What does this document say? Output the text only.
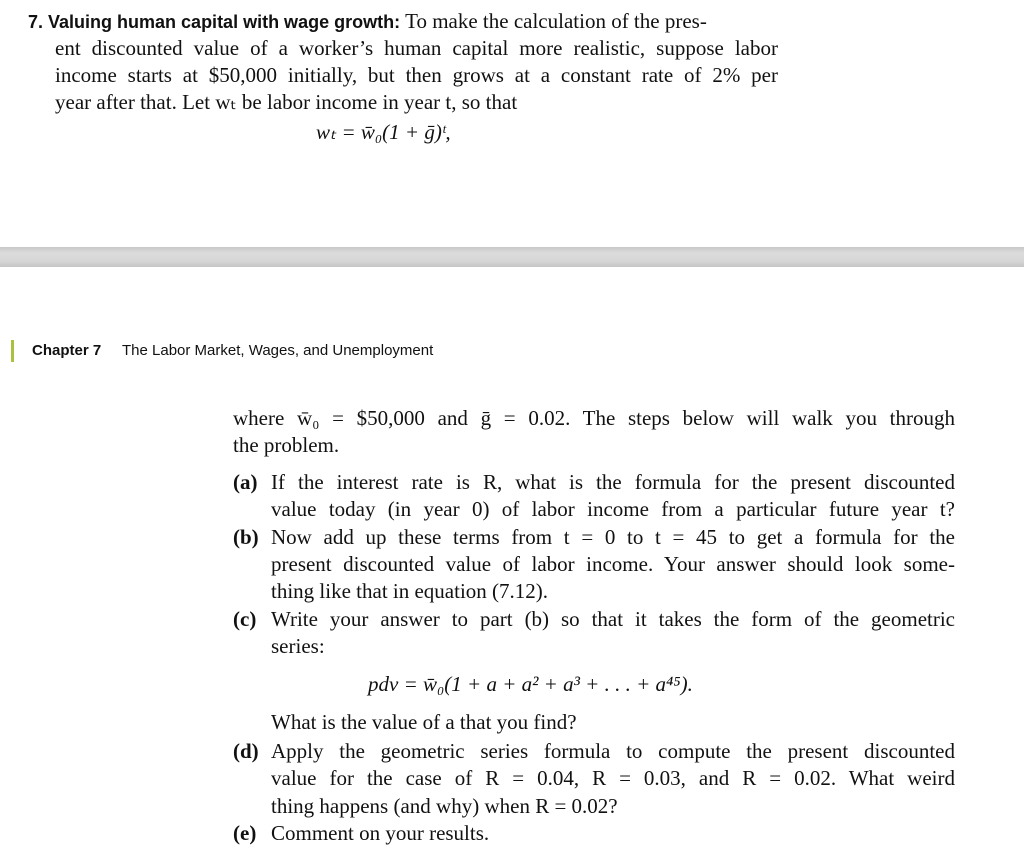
7. Valuing human capital with wage growth: To make the calculation of the pres-
ent discounted value of a worker’s human capital more realistic, suppose labor
income starts at $50,000 initially, but then grows at a constant rate of 2% per
year after that. Let wₜ be labor income in year t, so that
wₜ = w̄₀(1 + ḡ)ᵗ,
Chapter 7 The Labor Market, Wages, and Unemployment
where w̄₀ = $50,000 and ḡ = 0.02. The steps below will walk you through
the problem.
(a) If the interest rate is R, what is the formula for the present discounted
value today (in year 0) of labor income from a particular future year t?
(b) Now add up these terms from t = 0 to t = 45 to get a formula for the
present discounted value of labor income. Your answer should look some-
thing like that in equation (7.12).
(c) Write your answer to part (b) so that it takes the form of the geometric
series:
pdv = w̄₀(1 + a + a² + a³ + . . . + a⁴⁵).
What is the value of a that you find?
(d) Apply the geometric series formula to compute the present discounted
value for the case of R = 0.04, R = 0.03, and R = 0.02. What weird
thing happens (and why) when R = 0.02?
(e) Comment on your results.
